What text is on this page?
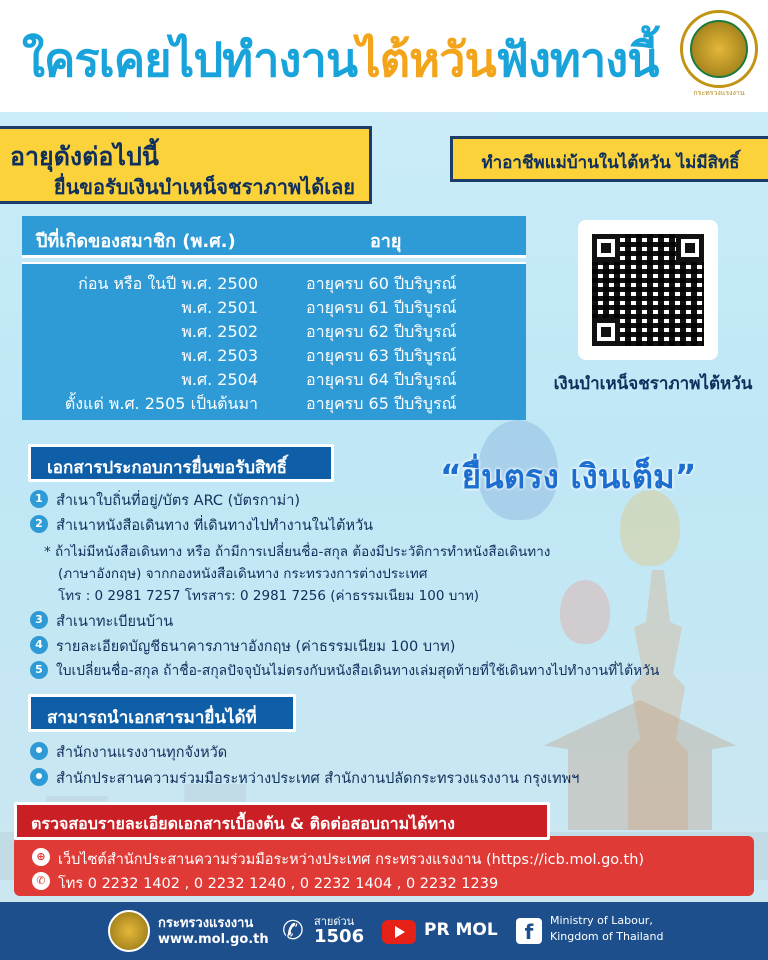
ใครเคยไปทำงานไต้หวันฟังทางนี้
กระทรวงแรงงาน
อายุดังต่อไปนี้
ยื่นขอรับเงินบำเหน็จชราภาพได้เลย
ทำอาชีพแม่บ้านในไต้หวัน ไม่มีสิทธิ์
ปีที่เกิดของสมาชิก (พ.ศ.)	อายุ
ก่อน หรือ ในปี พ.ศ. 2500	อายุครบ 60 ปีบริบูรณ์
พ.ศ. 2501	อายุครบ 61 ปีบริบูรณ์
พ.ศ. 2502	อายุครบ 62 ปีบริบูรณ์
พ.ศ. 2503	อายุครบ 63 ปีบริบูรณ์
พ.ศ. 2504	อายุครบ 64 ปีบริบูรณ์
ตั้งแต่ พ.ศ. 2505 เป็นต้นมา	อายุครบ 65 ปีบริบูรณ์
เงินบำเหน็จชราภาพไต้หวัน
เอกสารประกอบการยื่นขอรับสิทธิ์	“ยื่นตรง เงินเต็ม”
1 สำเนาใบถิ่นที่อยู่/บัตร ARC (บัตรกาม่า)
2 สำเนาหนังสือเดินทาง ที่เดินทางไปทำงานในไต้หวัน
* ถ้าไม่มีหนังสือเดินทาง หรือ ถ้ามีการเปลี่ยนชื่อ-สกุล ต้องมีประวัติการทำหนังสือเดินทาง
(ภาษาอังกฤษ) จากกองหนังสือเดินทาง กระทรวงการต่างประเทศ
โทร : 0 2981 7257 โทรสาร: 0 2981 7256 (ค่าธรรมเนียม 100 บาท)
3 สำเนาทะเบียนบ้าน
4 รายละเอียดบัญชีธนาคารภาษาอังกฤษ (ค่าธรรมเนียม 100 บาท)
5 ใบเปลี่ยนชื่อ-สกุล ถ้าชื่อ-สกุลปัจจุบันไม่ตรงกับหนังสือเดินทางเล่มสุดท้ายที่ใช้เดินทางไปทำงานที่ไต้หวัน
สามารถนำเอกสารมายื่นได้ที่
สำนักงานแรงงานทุกจังหวัด
สำนักประสานความร่วมมือระหว่างประเทศ สำนักงานปลัดกระทรวงแรงงาน กรุงเทพฯ
⊕ เว็บไซต์สำนักประสานความร่วมมือระหว่างประเทศ กระทรวงแรงงาน (https://icb.mol.go.th)
✆ โทร 0 2232 1402 , 0 2232 1240 , 0 2232 1404 , 0 2232 1239
ตรวจสอบรายละเอียดเอกสารเบื้องต้น & ติดต่อสอบถามได้ทาง
กระทรวงแรงงาน
www.mol.go.th ✆ สายด่วน
1506	PR MOL	f	Ministry of Labour,
Kingdom of Thailand
